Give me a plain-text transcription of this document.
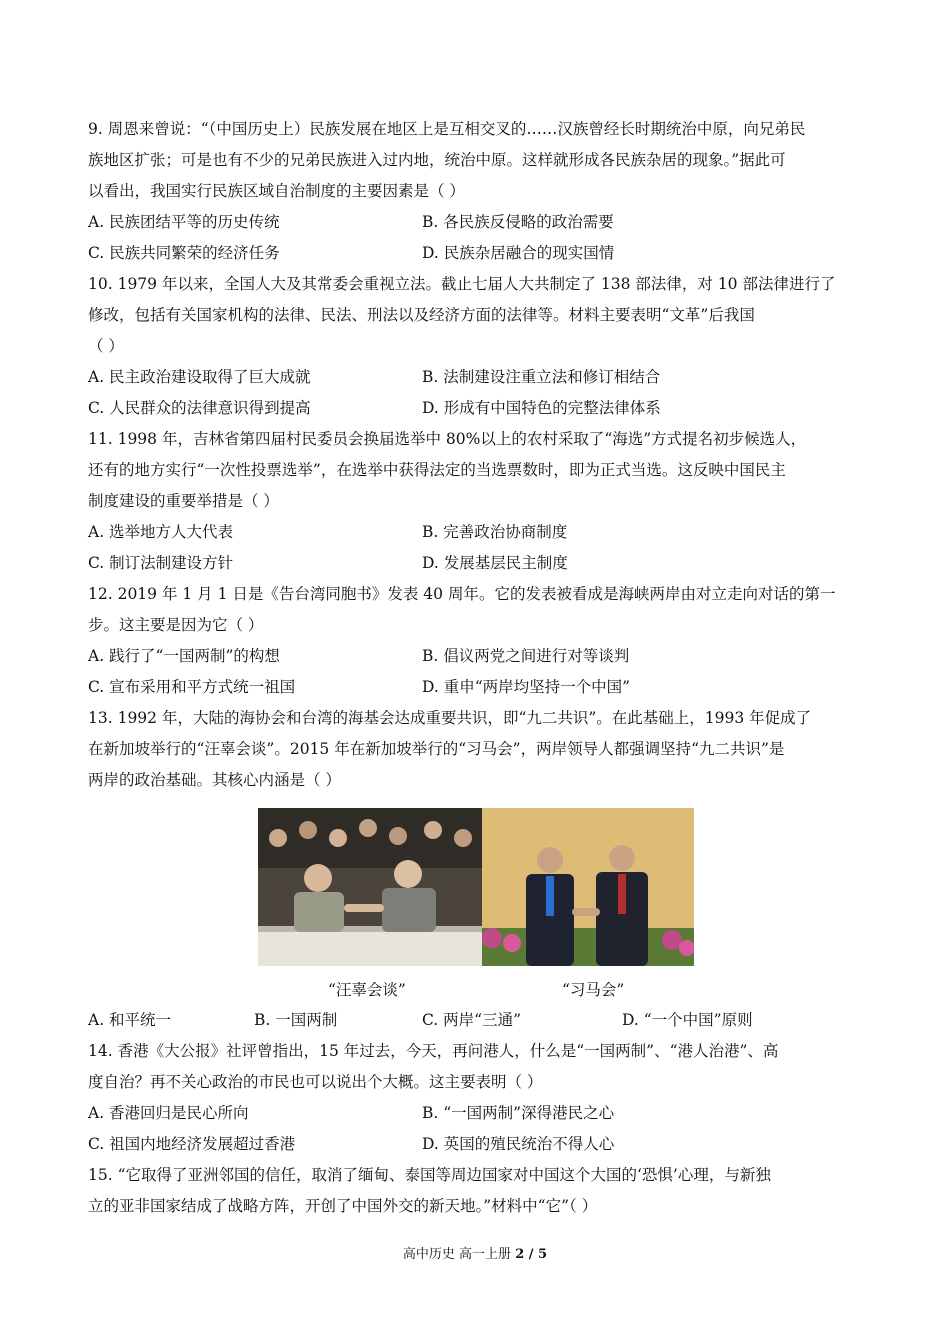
9. 周恩来曾说：“（中国历史上）民族发展在地区上是互相交叉的……汉族曾经长时期统治中原，向兄弟民
族地区扩张；可是也有不少的兄弟民族进入过内地，统治中原。这样就形成各民族杂居的现象。”据此可
以看出，我国实行民族区域自治制度的主要因素是（ ）
A. 民族团结平等的历史传统	B. 各民族反侵略的政治需要
C. 民族共同繁荣的经济任务	D. 民族杂居融合的现实国情
10. 1979 年以来，全国人大及其常委会重视立法。截止七届人大共制定了 138 部法律，对 10 部法律进行了
修改，包括有关国家机构的法律、民法、刑法以及经济方面的法律等。材料主要表明“文革”后我国
（ ）
A. 民主政治建设取得了巨大成就	B. 法制建设注重立法和修订相结合
C. 人民群众的法律意识得到提高	D. 形成有中国特色的完整法律体系
11. 1998 年，吉林省第四届村民委员会换届选举中 80%以上的农村采取了“海选”方式提名初步候选人，
还有的地方实行“一次性投票选举”，在选举中获得法定的当选票数时，即为正式当选。这反映中国民主
制度建设的重要举措是（ ）
A. 选举地方人大代表	B. 完善政治协商制度
C. 制订法制建设方针	D. 发展基层民主制度
12. 2019 年 1 月 1 日是《告台湾同胞书》发表 40 周年。它的发表被看成是海峡两岸由对立走向对话的第一
步。这主要是因为它（ ）
A. 践行了“一国两制”的构想	B. 倡议两党之间进行对等谈判
C. 宣布采用和平方式统一祖国	D. 重申“两岸均坚持一个中国”
13. 1992 年，大陆的海协会和台湾的海基会达成重要共识，即“九二共识”。在此基础上，1993 年促成了
在新加坡举行的“汪辜会谈”。2015 年在新加坡举行的“习马会”，两岸领导人都强调坚持“九二共识”是
两岸的政治基础。其核心内涵是（ ）
“汪辜会谈”	“习马会”
A. 和平统一	B. 一国两制	C. 两岸“三通”	D. “一个中国”原则
14. 香港《大公报》社评曾指出，15 年过去，今天，再问港人，什么是“一国两制”、“港人治港”、高
度自治？再不关心政治的市民也可以说出个大概。这主要表明（ ）
A. 香港回归是民心所向	B. “一国两制”深得港民之心
C. 祖国内地经济发展超过香港	D. 英国的殖民统治不得人心
15. “它取得了亚洲邻国的信任，取消了缅甸、泰国等周边国家对中国这个大国的‘恐惧’心理，与新独
立的亚非国家结成了战略方阵，开创了中国外交的新天地。”材料中“它”（ ）
高中历史 高一上册 2 / 5
